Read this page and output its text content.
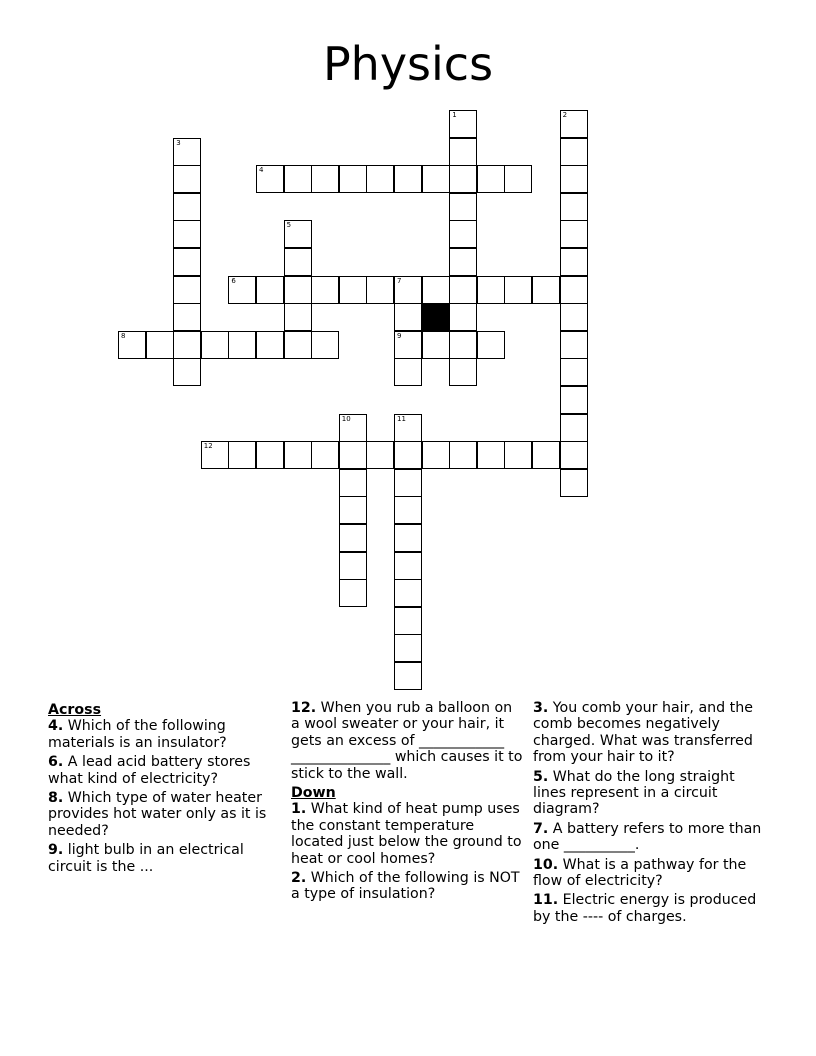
Physics
1	2
3
4
5
6	7
9
8
10	11
12
Across
4. Which of the following materials is an insulator?
6. A lead acid battery stores what kind of electricity?
8. Which type of water heater provides hot water only as it is needed?
9. light bulb in an electrical circuit is the ...
12. When you rub a balloon on a wool sweater or your hair, it gets an excess of ____________ ______________ which causes it to stick to the wall.
Down
1. What kind of heat pump uses the constant temperature located just below the ground to heat or cool homes?
2. Which of the following is NOT a type of insulation?
3. You comb your hair, and the comb becomes negatively charged. What was transferred from your hair to it?
5. What do the long straight lines represent in a circuit diagram?
7. A battery refers to more than one __________.
10. What is a pathway for the flow of electricity?
11. Electric energy is produced by the ---- of charges.
